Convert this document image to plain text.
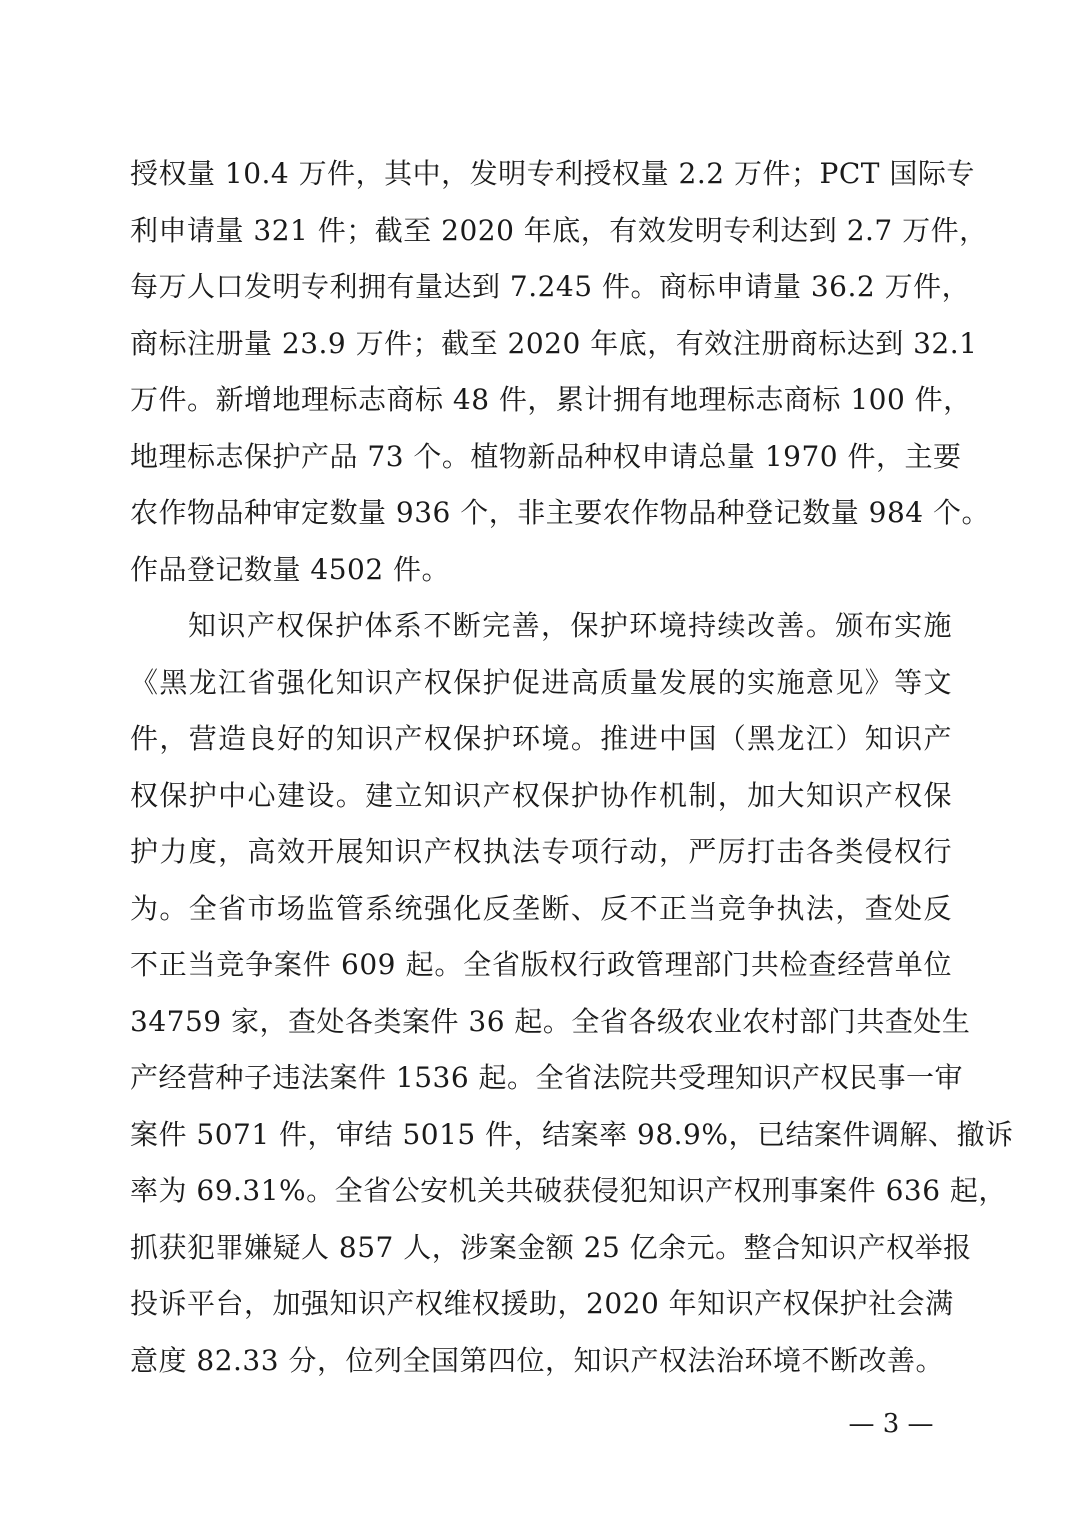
授权量 10.4 万件，其中，发明专利授权量 2.2 万件；PCT 国际专
利申请量 321 件；截至 2020 年底，有效发明专利达到 2.7 万件，
每万人口发明专利拥有量达到 7.245 件。商标申请量 36.2 万件，
商标注册量 23.9 万件；截至 2020 年底，有效注册商标达到 32.1
万件。新增地理标志商标 48 件，累计拥有地理标志商标 100 件，
地理标志保护产品 73 个。植物新品种权申请总量 1970 件，主要
农作物品种审定数量 936 个，非主要农作物品种登记数量 984 个。
作品登记数量 4502 件。
知识产权保护体系不断完善，保护环境持续改善。颁布实施
《黑龙江省强化知识产权保护促进高质量发展的实施意见》等文
件，营造良好的知识产权保护环境。推进中国（黑龙江）知识产
权保护中心建设。建立知识产权保护协作机制，加大知识产权保
护力度，高效开展知识产权执法专项行动，严厉打击各类侵权行
为。全省市场监管系统强化反垄断、反不正当竞争执法，查处反
不正当竞争案件 609 起。全省版权行政管理部门共检查经营单位
34759 家，查处各类案件 36 起。全省各级农业农村部门共查处生
产经营种子违法案件 1536 起。全省法院共受理知识产权民事一审
案件 5071 件，审结 5015 件，结案率 98.9%，已结案件调解、撤诉
率为 69.31%。全省公安机关共破获侵犯知识产权刑事案件 636 起，
抓获犯罪嫌疑人 857 人，涉案金额 25 亿余元。整合知识产权举报
投诉平台，加强知识产权维权援助，2020 年知识产权保护社会满
意度 82.33 分，位列全国第四位，知识产权法治环境不断改善。
— 3 —
